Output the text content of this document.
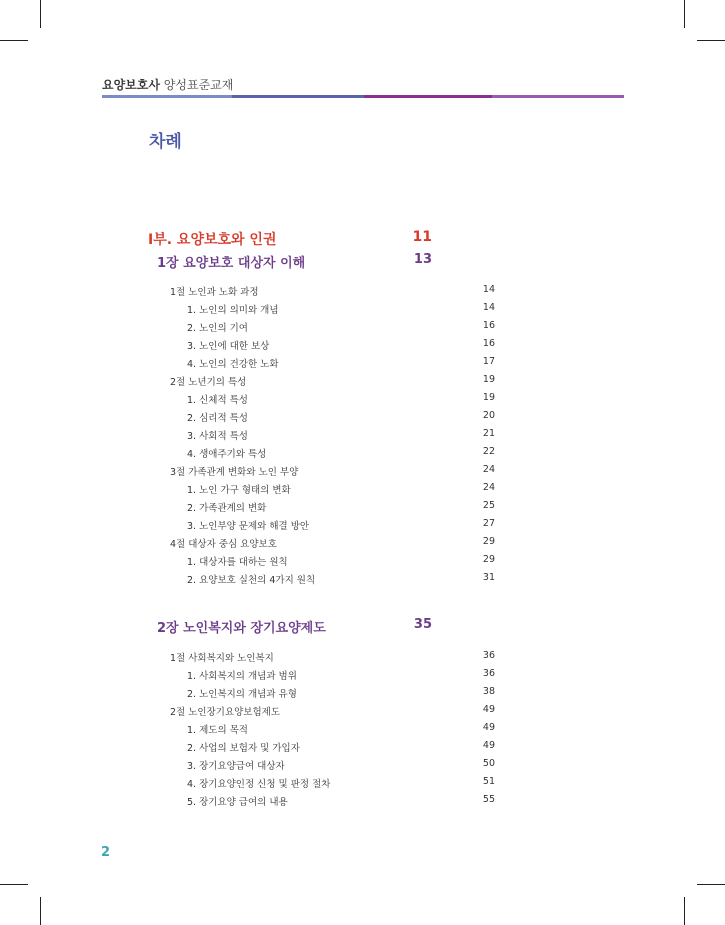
요양보호사 양성표준교재
차례
Ⅰ부. 요양보호와 인권	11
1장 요양보호 대상자 이해	13
1절 노인과 노화 과정	14
1. 노인의 의미와 개념	14
2. 노인의 기여	16
3. 노인에 대한 보상	16
4. 노인의 건강한 노화	17
2절 노년기의 특성	19
1. 신체적 특성	19
2. 심리적 특성	20
3. 사회적 특성	21
4. 생애주기와 특성	22
3절 가족관계 변화와 노인 부양	24
1. 노인 가구 형태의 변화	24
2. 가족관계의 변화	25
3. 노인부양 문제와 해결 방안	27
4절 대상자 중심 요양보호	29
1. 대상자를 대하는 원칙	29
2. 요양보호 실천의 4가지 원칙	31
2장 노인복지와 장기요양제도	35
1절 사회복지와 노인복지	36
1. 사회복지의 개념과 범위	36
2. 노인복지의 개념과 유형	38
2절 노인장기요양보험제도	49
1. 제도의 목적	49
2. 사업의 보험자 및 가입자	49
3. 장기요양급여 대상자	50
4. 장기요양인정 신청 및 판정 절차	51
5. 장기요양 급여의 내용	55
2
